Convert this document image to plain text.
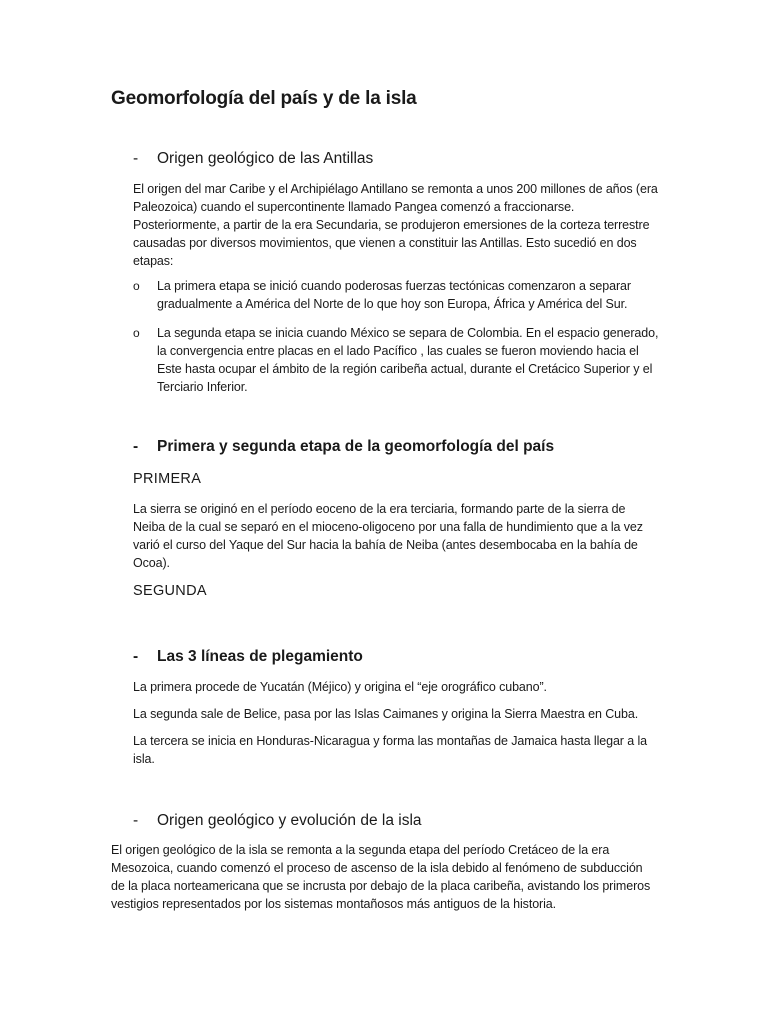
Geomorfología del país y de la isla
- Origen geológico de las Antillas
El origen del mar Caribe y el Archipiélago Antillano se remonta a unos 200 millones de años (era Paleozoica) cuando el supercontinente llamado Pangea comenzó a fraccionarse. Posteriormente, a partir de la era Secundaria, se produjeron emersiones de la corteza terrestre causadas por diversos movimientos, que vienen a constituir las Antillas. Esto sucedió en dos etapas:
o La primera etapa se inició cuando poderosas fuerzas tectónicas comenzaron a separar gradualmente a América del Norte de lo que hoy son Europa, África y América del Sur.
o La segunda etapa se inicia cuando México se separa de Colombia. En el espacio generado, la convergencia entre placas en el lado Pacífico , las cuales se fueron moviendo hacia el Este hasta ocupar el ámbito de la región caribeña actual, durante el Cretácico Superior y el Terciario Inferior.
- Primera y segunda etapa de la geomorfología del país
PRIMERA
La sierra se originó en el período eoceno de la era terciaria, formando parte de la sierra de Neiba de la cual se separó en el mioceno-oligoceno por una falla de hundimiento que a la vez varió el curso del Yaque del Sur hacia la bahía de Neiba (antes desembocaba en la bahía de Ocoa).
SEGUNDA
- Las 3 líneas de plegamiento
La primera procede de Yucatán (Méjico) y origina el “eje orográfico cubano”.
La segunda sale de Belice, pasa por las Islas Caimanes y origina la Sierra Maestra en Cuba.
La tercera se inicia en Honduras-Nicaragua y forma las montañas de Jamaica hasta llegar a la isla.
- Origen geológico y evolución de la isla
El origen geológico de la isla se remonta a la segunda etapa del período Cretáceo de la era Mesozoica, cuando comenzó el proceso de ascenso de la isla debido al fenómeno de subducción de la placa norteamericana que se incrusta por debajo de la placa caribeña, avistando los primeros vestigios representados por los sistemas montañosos más antiguos de la historia.
